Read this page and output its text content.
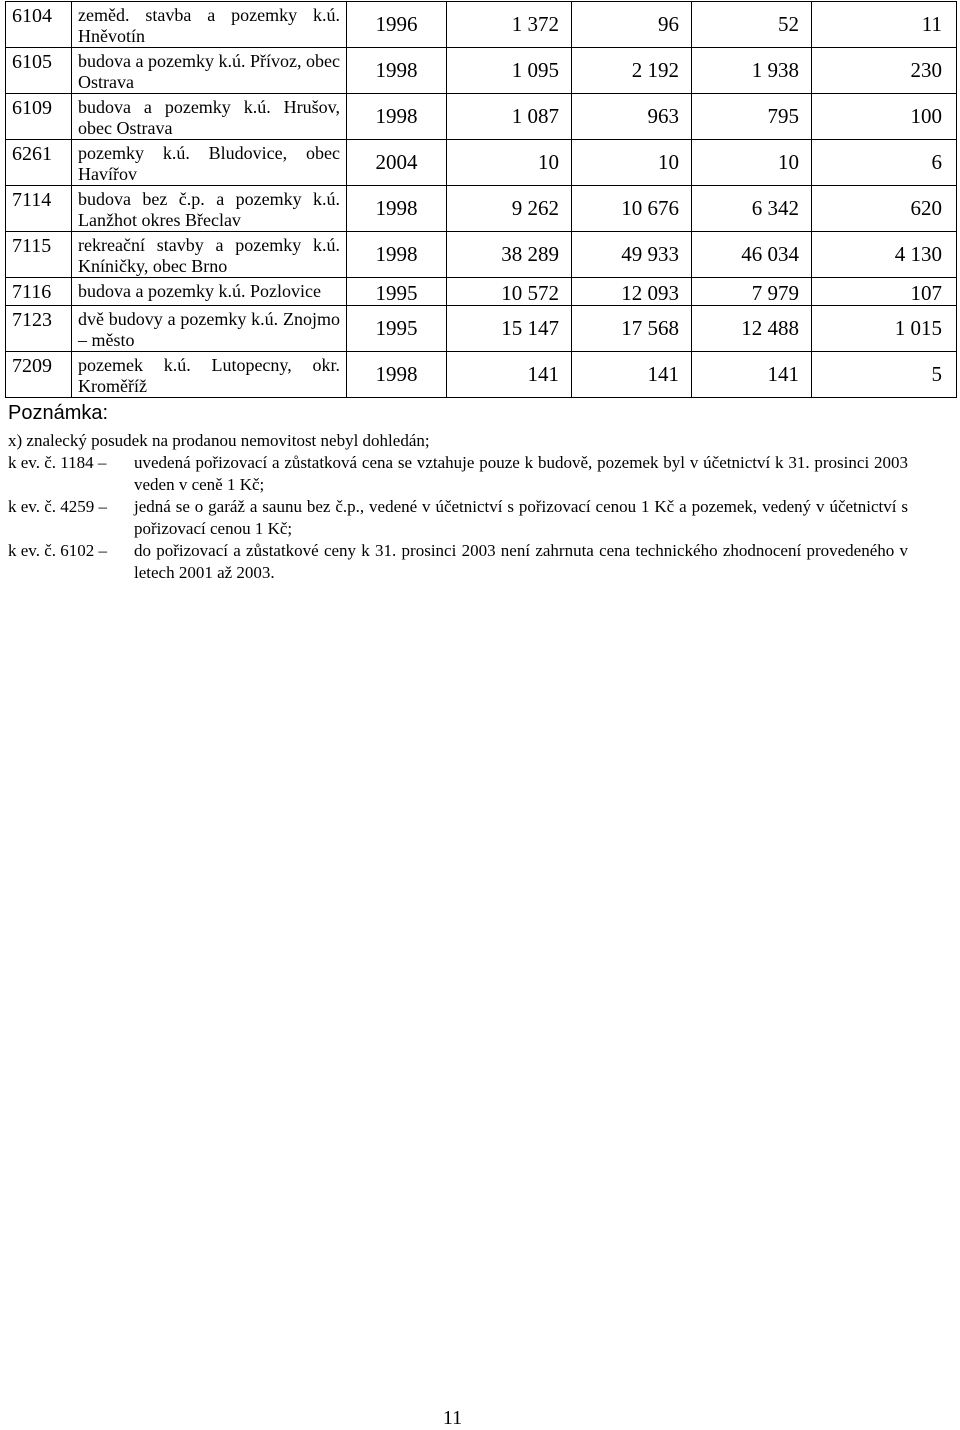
6104	zeměd. stavba a pozemky k.ú. Hněvotín	1996	1 372	96	52	11

6105	budova a pozemky k.ú. Přívoz, obec Ostrava	1998	1 095	2 192	1 938	230

6109	budova a pozemky k.ú. Hrušov, obec Ostrava	1998	1 087	963	795	100

6261	pozemky k.ú. Bludovice, obec Havířov	2004	10	10	10	6

7114	budova bez č.p. a pozemky k.ú. Lanžhot okres Břeclav	1998	9 262	10 676	6 342	620

7115	rekreační stavby a pozemky k.ú. Kníničky, obec Brno	1998	38 289	49 933	46 034	4 130

7116	budova a pozemky k.ú. Pozlovice	1995	10 572	12 093	7 979	107

7123	dvě budovy a pozemky k.ú. Znojmo – město	1995	15 147	17 568	12 488	1 015

7209	pozemek k.ú. Lutopecny, okr. Kroměříž	1998	141	141	141	5
Poznámka:
x) znalecký posudek na prodanou nemovitost nebyl dohledán;
k ev. č. 1184 –	uvedená pořizovací a zůstatková cena se vztahuje pouze k budově, pozemek byl v účetnictví k 31. prosinci 2003 veden v ceně 1 Kč;
k ev. č. 4259 –	jedná se o garáž a saunu bez č.p., vedené v účetnictví s pořizovací cenou 1 Kč a pozemek, vedený v účetnictví s pořizovací cenou 1 Kč;
k ev. č. 6102 –	do pořizovací a zůstatkové ceny k 31. prosinci 2003 není zahrnuta cena technického zhodnocení provedeného v letech 2001 až 2003.
11
